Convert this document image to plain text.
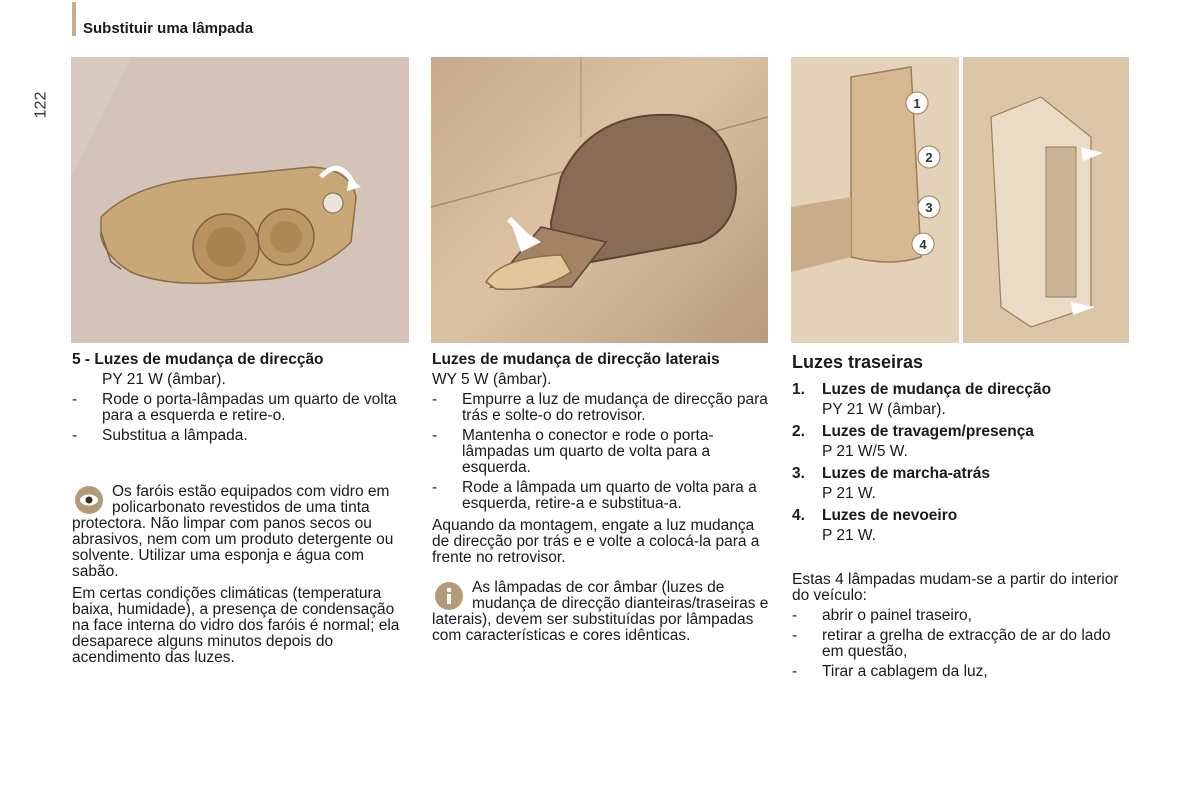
Substituir uma lâmpada
122	1
2
3
4
5 - Luzes de mudança de direcção
PY 21 W (âmbar).
-	Rode o porta-lâmpadas um quarto de volta para a esquerda e retire-o.
-	Substitua a lâmpada.
Os faróis estão equipados com vidro em policarbonato revestidos de uma tinta protectora. Não limpar com panos secos ou abrasivos, nem com um produto detergente ou solvente. Utilizar uma esponja e água com sabão.

Em certas condições climáticas (temperatura baixa, humidade), a presença de condensação na face interna do vidro dos faróis é normal; ela desaparece alguns minutos depois do acendimento das luzes.

Luzes de mudança de direcção laterais
WY 5 W (âmbar).
-	Empurre a luz de mudança de direcção para trás e solte-o do retrovisor.
-	Mantenha o conector e rode o porta-lâmpadas um quarto de volta para a esquerda.
-	Rode a lâmpada um quarto de volta para a esquerda, retire-a e substitua-a.

Aquando da montagem, engate a luz mudança de direcção por trás e e volte a colocá-la para a frente no retrovisor.

As lâmpadas de cor âmbar (luzes de mudança de direcção dianteiras/traseiras e laterais), devem ser substituídas por lâmpadas com características e cores idênticas.
Luzes traseiras
1.	Luzes de mudança de direcção
PY 21 W (âmbar).
2.	Luzes de travagem/presença
P 21 W/5 W.
3.	Luzes de marcha-atrás
P 21 W.
4.	Luzes de nevoeiro
P 21 W.

Estas 4 lâmpadas mudam-se a partir do interior do veículo:

-	abrir o painel traseiro,
-	retirar a grelha de extracção de ar do lado em questão,
-	Tirar a cablagem da luz,
